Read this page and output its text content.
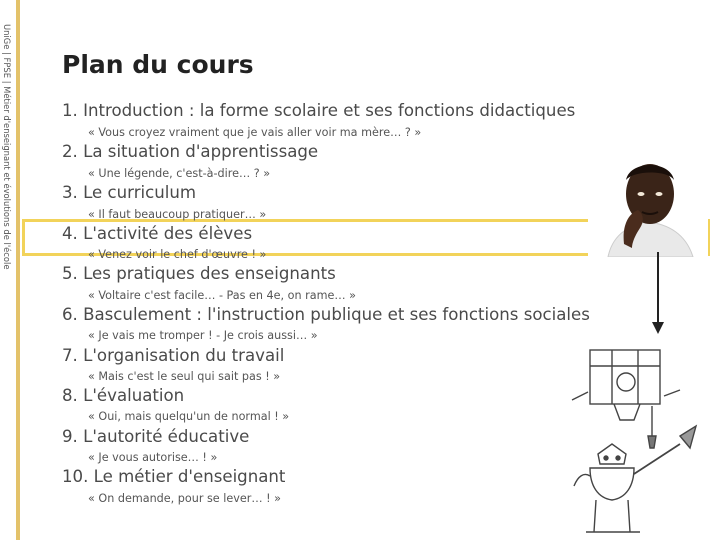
UniGe | FPSE | Métier d'enseignant et évolutions de l'école Plan du cours
1. Introduction : la forme scolaire et ses fonctions didactiques
« Vous croyez vraiment que je vais aller voir ma mère… ? »
2. La situation d'apprentissage
« Une légende, c'est-à-dire… ? »
3. Le curriculum
« Il faut beaucoup pratiquer… »
4. L'activité des élèves
« Venez voir le chef d'œuvre ! »
5. Les pratiques des enseignants
« Voltaire c'est facile… - Pas en 4e, on rame… »
6. Basculement : l'instruction publique et ses fonctions sociales
« Je vais me tromper ! - Je crois aussi… »
7. L'organisation du travail
« Mais c'est le seul qui sait pas ! »
8. L'évaluation
« Oui, mais quelqu'un de normal ! »
9. L'autorité éducative
« Je vous autorise… ! »
10. Le métier d'enseignant
« On demande, pour se lever… ! »
